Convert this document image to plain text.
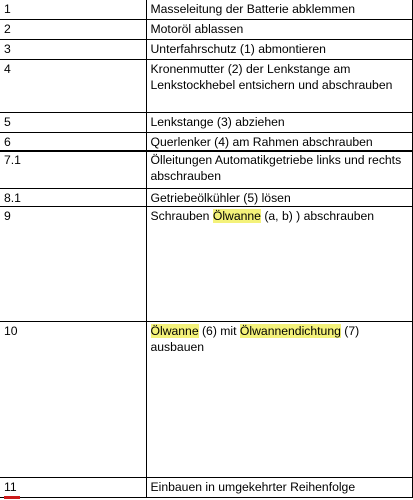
1	Masseleitung der Batterie abklemmen
2	Motoröl ablassen
3	Unterfahrschutz (1) abmontieren
4	Kronenmutter (2) der Lenkstange am Lenkstockhebel entsichern und abschrauben
5	Lenkstange (3) abziehen
6	Querlenker (4) am Rahmen abschrauben
7.1	Ölleitungen Automatikgetriebe links und rechts abschrauben
8.1	Getriebeölkühler (5) lösen
9	Schrauben Ölwanne (a, b) ) abschrauben
10	Ölwanne (6) mit Ölwannendichtung (7) ausbauen
11	Einbauen in umgekehrter Reihenfolge
